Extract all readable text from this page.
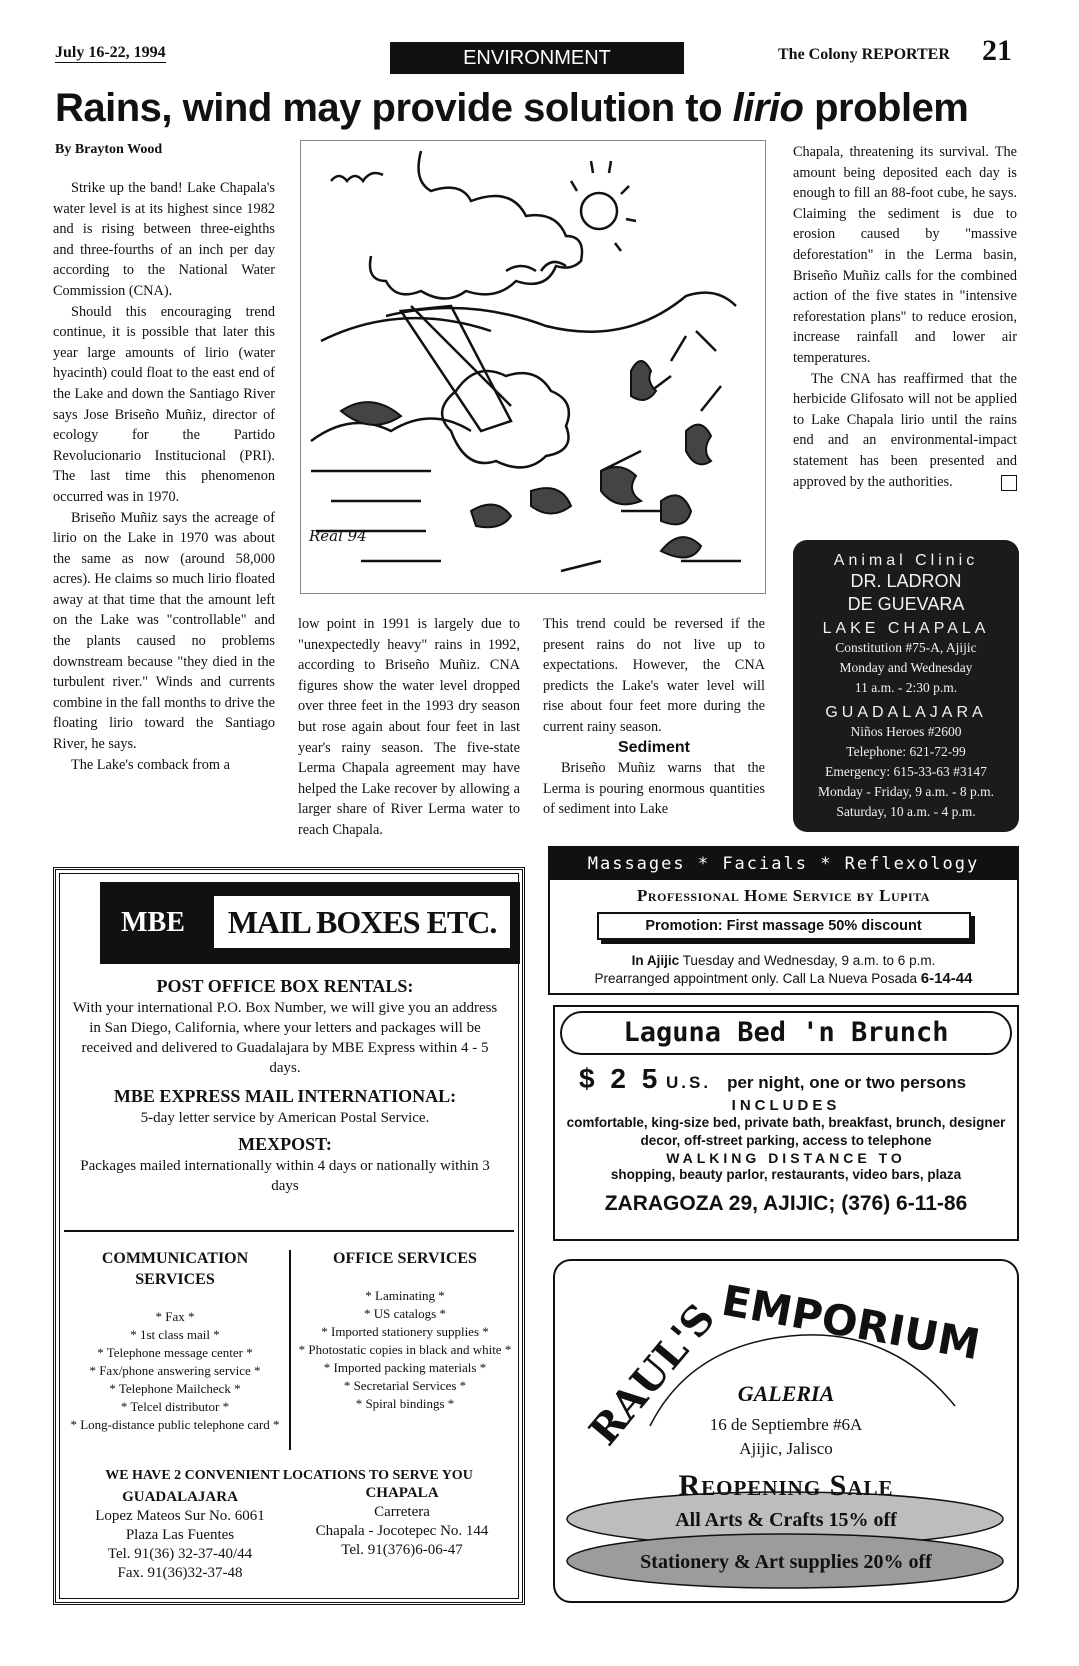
July 16-22, 1994	ENVIRONMENT	The Colony REPORTER 21
Rains, wind may provide solution to lirio problem
By Brayton Wood

Strike up the band! Lake Chapala's water level is at its highest since 1982 and is rising between three-eighths and three-fourths of an inch per day according to the National Water Commission (CNA).

Should this encouraging trend continue, it is possible that later this year large amounts of lirio (water hyacinth) could float to the east end of the Lake and down the Santiago River says Jose Briseño Muñiz, director of ecology for the Partido Revolucionario Institucional (PRI). The last time this phenomenon occurred was in 1970.

Briseño Muñiz says the acreage of lirio on the Lake in 1970 was about the same as now (around 58,000 acres). He claims so much lirio floated away at that time that the amount left on the Lake was "controllable" and the plants caused no problems downstream because "they died in the turbulent river." Winds and currents combine in the fall months to drive the floating lirio toward the Santiago River, he says.

The Lake's comback from a

Real 94

low point in 1991 is largely due to "unexpectedly heavy" rains in 1992, according to Briseño Muñiz. CNA figures show the water level dropped over three feet in the 1993 dry season but rose again about four feet in last year's rainy season. The five-state Lerma Chapala agreement may have helped the Lake recover by allowing a larger share of River Lerma water to reach Chapala.

This trend could be reversed if the present rains do not live up to expectations. However, the CNA predicts the Lake's water level will rise about four feet more during the current rainy season.

Sediment

Briseño Muñiz warns that the Lerma is pouring enormous quantities of sediment into Lake

Chapala, threatening its survival. The amount being deposited each day is enough to fill an 88-foot cube, he says. Claiming the sediment is due to erosion caused by "massive deforestation" in the Lerma basin, Briseño Muñiz calls for the combined action of the five states in "intensive reforestation plans" to reduce erosion, increase rainfall and lower air temperatures.

The CNA has reaffirmed that the herbicide Glifosato will not be applied to Lake Chapala lirio until the rains end and an environmental-impact statement has been presented and approved by the authorities.

Animal Clinic
DR. LADRON
DE GUEVARA
LAKE CHAPALA
Constitution #75-A, Ajijic
Monday and Wednesday
11 a.m. - 2:30 p.m.
GUADALAJARA
Niños Heroes #2600
Telephone: 621-72-99
Emergency: 615-33-63 #3147
Monday - Friday, 9 a.m. - 8 p.m.
Saturday, 10 a.m. - 4 p.m.
Massages * Facials * Reflexology
Professional Home Service by Lupita
Promotion: First massage 50% discount
In Ajijic Tuesday and Wednesday, 9 a.m. to 6 p.m.
Prearranged appointment only. Call La Nueva Posada 6-14-44
Laguna Bed 'n Brunch
$ 2 5 U.S. per night, one or two persons
INCLUDES
comfortable, king-size bed, private bath, breakfast, brunch, designer decor, off-street parking, access to telephone
WALKING DISTANCE TO
shopping, beauty parlor, restaurants, video bars, plaza
ZARAGOZA 29, AJIJIC; (376) 6-11-86
RAUL'S
EMPORIUM
GALERIA
16 de Septiembre #6A
Ajijic, Jalisco
Reopening Sale
All Arts & Crafts 15% off
Stationery & Art supplies 20% off
MBE	MAIL BOXES ETC.
POST OFFICE BOX RENTALS:
With your international P.O. Box Number, we will give you an address in San Diego, California, where your letters and packages will be received and delivered to Guadalajara by MBE Express within 4 - 5 days.
MBE EXPRESS MAIL INTERNATIONAL:
5-day letter service by American Postal Service.
MEXPOST:
Packages mailed internationally within 4 days or nationally within 3 days
COMMUNICATION SERVICES
* Fax *
* 1st class mail *
* Telephone message center *
* Fax/phone answering service *
* Telephone Mailcheck *
* Telcel distributor *
* Long-distance public telephone card *
OFFICE SERVICES
* Laminating *
* US catalogs *
* Imported stationery supplies *
* Photostatic copies in black and white *
* Imported packing materials *
* Secretarial Services *
* Spiral bindings *
WE HAVE 2 CONVENIENT LOCATIONS TO SERVE YOU
GUADALAJARA
Lopez Mateos Sur No. 6061
Plaza Las Fuentes
Tel. 91(36) 32-37-40/44
Fax. 91(36)32-37-48
CHAPALA
Carretera
Chapala - Jocotepec No. 144
Tel. 91(376)6-06-47
